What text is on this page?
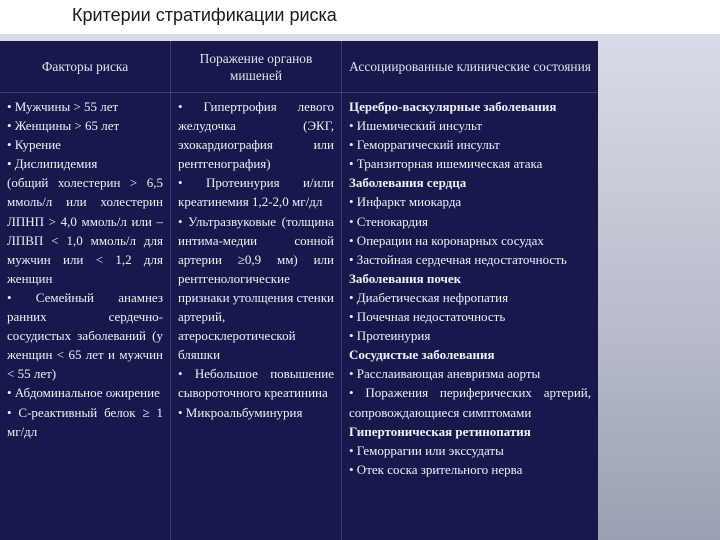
Критерии стратификации риска
Факторы риска
Поражение органов мишеней
Ассоциированные клинические состояния
• Мужчины > 55 лет
• Женщины > 65 лет
• Курение
• Дислипидемия
(общий холестерин > 6,5 ммоль/л или холестерин ЛПНП > 4,0 ммоль/л или – ЛПВП < 1,0 ммоль/л для мужчин или < 1,2 для женщин
• Семейный анамнез ранних сердечно-сосудистых заболеваний (у женщин < 65 лет и мужчин < 55 лет)
• Абдоминальное ожирение
• С-реактивный белок ≥ 1 мг/дл
• Гипертрофия левого желудочка (ЭКГ, эхокардиография или рентгенография)
• Протеинурия и/или креатинемия 1,2-2,0 мг/дл
• Ультразвуковые (толщина интима-медии сонной артерии ≥0,9 мм) или рентгенологические признаки утолщения стенки артерий, атеросклеротической бляшки
• Небольшое повышение сывороточного креатинина
• Микроальбуминурия
Церебро-васкулярные заболевания
• Ишемический инсульт
• Геморрагический инсульт
• Транзиторная ишемическая атака
Заболевания сердца
• Инфаркт миокарда
• Стенокардия
• Операции на коронарных сосудах
• Застойная сердечная недостаточность
Заболевания почек
• Диабетическая нефропатия
• Почечная недостаточность
• Протеинурия
Сосудистые заболевания
• Расслаивающая аневризма аорты
• Поражения периферических артерий, сопровождающиеся симптомами
Гипертоническая ретинопатия
• Геморрагии или экссудаты
• Отек соска зрительного нерва
